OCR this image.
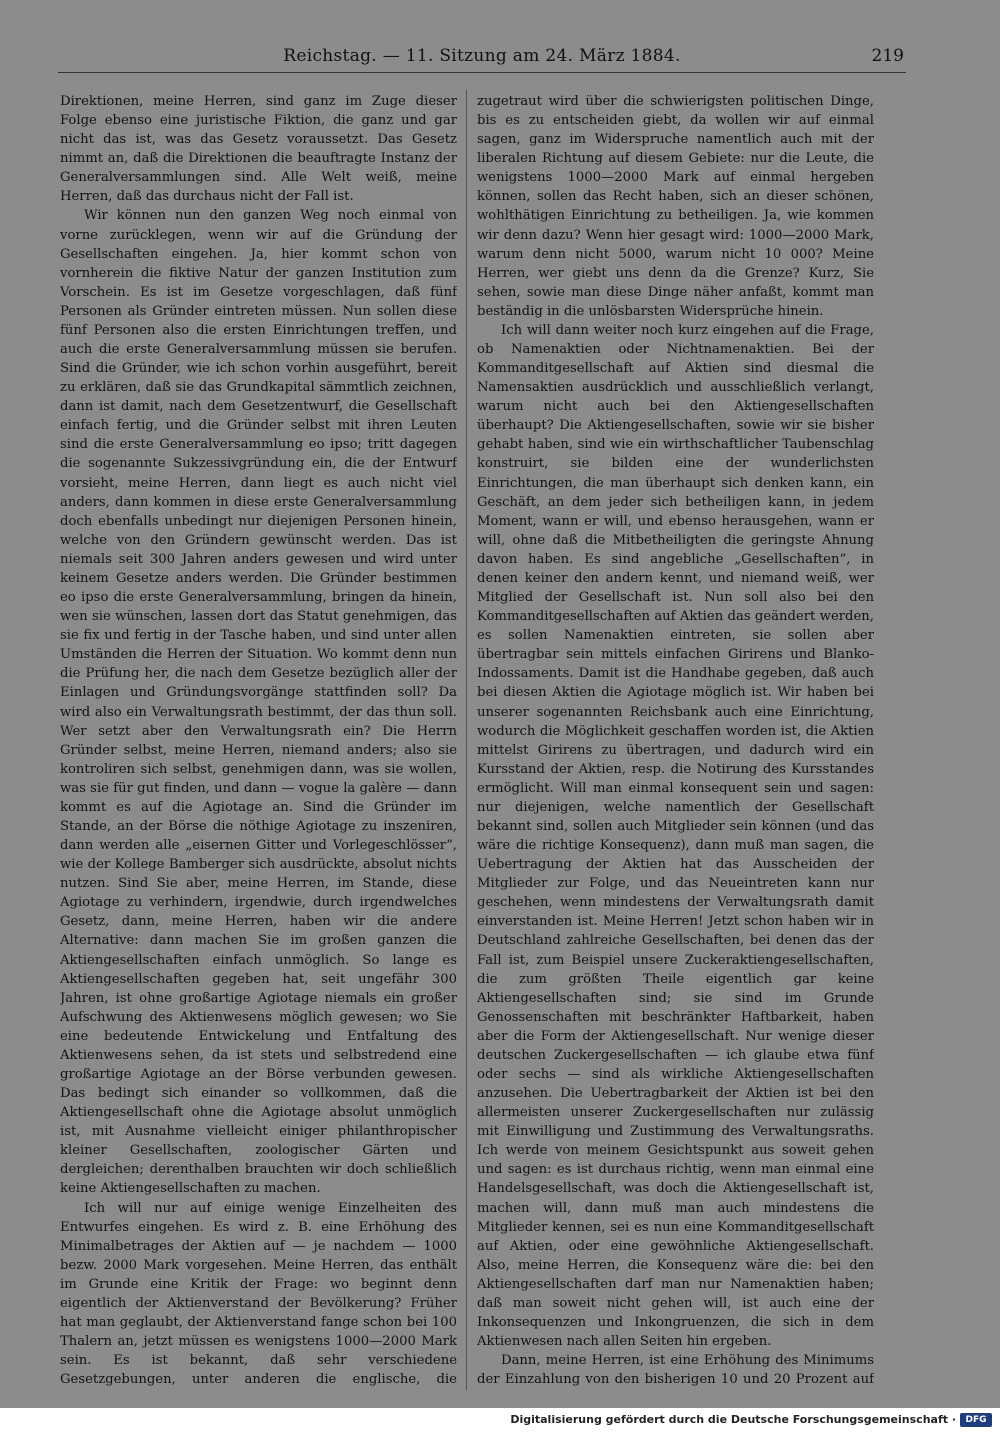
Reichstag. — 11. Sitzung am 24. März 1884.	219

Direktionen, meine Herren, sind ganz im Zuge dieser Folge ebenso eine juristische Fiktion, die ganz und gar nicht das ist, was das Gesetz voraussetzt. Das Gesetz nimmt an, daß die Direktionen die beauftragte Instanz der Generalversammlungen sind. Alle Welt weiß, meine Herren, daß das durchaus nicht der Fall ist.

Wir können nun den ganzen Weg noch einmal von vorne zurücklegen, wenn wir auf die Gründung der Gesellschaften eingehen. Ja, hier kommt schon von vornherein die fiktive Natur der ganzen Institution zum Vorschein. Es ist im Gesetze vorgeschlagen, daß fünf Personen als Gründer eintreten müssen. Nun sollen diese fünf Personen also die ersten Einrichtungen treffen, und auch die erste Generalversammlung müssen sie berufen. Sind die Gründer, wie ich schon vorhin ausgeführt, bereit zu erklären, daß sie das Grundkapital sämmtlich zeichnen, dann ist damit, nach dem Gesetzentwurf, die Gesellschaft einfach fertig, und die Gründer selbst mit ihren Leuten sind die erste Generalversammlung eo ipso; tritt dagegen die sogenannte Sukzessivgründung ein, die der Entwurf vorsieht, meine Herren, dann liegt es auch nicht viel anders, dann kommen in diese erste Generalversammlung doch ebenfalls unbedingt nur diejenigen Personen hinein, welche von den Gründern gewünscht werden. Das ist niemals seit 300 Jahren anders gewesen und wird unter keinem Gesetze anders werden. Die Gründer bestimmen eo ipso die erste Generalversammlung, bringen da hinein, wen sie wünschen, lassen dort das Statut genehmigen, das sie fix und fertig in der Tasche haben, und sind unter allen Umständen die Herren der Situation. Wo kommt denn nun die Prüfung her, die nach dem Gesetze bezüglich aller der Einlagen und Gründungsvorgänge stattfinden soll? Da wird also ein Verwaltungsrath bestimmt, der das thun soll. Wer setzt aber den Verwaltungsrath ein? Die Herrn Gründer selbst, meine Herren, niemand anders; also sie kontroliren sich selbst, genehmigen dann, was sie wollen, was sie für gut finden, und dann — vogue la galère — dann kommt es auf die Agiotage an. Sind die Gründer im Stande, an der Börse die nöthige Agiotage zu inszeniren, dann werden alle „eisernen Gitter und Vorlegeschlösser“, wie der Kollege Bamberger sich ausdrückte, absolut nichts nutzen. Sind Sie aber, meine Herren, im Stande, diese Agiotage zu verhindern, irgendwie, durch irgendwelches Gesetz, dann, meine Herren, haben wir die andere Alternative: dann machen Sie im großen ganzen die Aktiengesellschaften einfach unmöglich. So lange es Aktiengesellschaften gegeben hat, seit ungefähr 300 Jahren, ist ohne großartige Agiotage niemals ein großer Aufschwung des Aktienwesens möglich gewesen; wo Sie eine bedeutende Entwickelung und Entfaltung des Aktienwesens sehen, da ist stets und selbstredend eine großartige Agiotage an der Börse verbunden gewesen. Das bedingt sich einander so vollkommen, daß die Aktiengesellschaft ohne die Agiotage absolut unmöglich ist, mit Ausnahme vielleicht einiger philanthropischer kleiner Gesellschaften, zoologischer Gärten und dergleichen; derenthalben brauchten wir doch schließlich keine Aktiengesellschaften zu machen.

Ich will nur auf einige wenige Einzelheiten des Entwurfes eingehen. Es wird z. B. eine Erhöhung des Minimalbetrages der Aktien auf — je nachdem — 1000 bezw. 2000 Mark vorgesehen. Meine Herren, das enthält im Grunde eine Kritik der Frage: wo beginnt denn eigentlich der Aktienverstand der Bevölkerung? Früher hat man geglaubt, der Aktienverstand fange schon bei 100 Thalern an, jetzt müssen es wenigstens 1000—2000 Mark sein. Es ist bekannt, daß sehr verschiedene Gesetzgebungen, unter anderen die englische, die

zugetraut wird über die schwierigsten politischen Dinge, bis es zu entscheiden giebt, da wollen wir auf einmal sagen, ganz im Widerspruche namentlich auch mit der liberalen Richtung auf diesem Gebiete: nur die Leute, die wenigstens 1000—2000 Mark auf einmal hergeben können, sollen das Recht haben, sich an dieser schönen, wohlthätigen Einrichtung zu betheiligen. Ja, wie kommen wir denn dazu? Wenn hier gesagt wird: 1000—2000 Mark, warum denn nicht 5000, warum nicht 10 000? Meine Herren, wer giebt uns denn da die Grenze? Kurz, Sie sehen, sowie man diese Dinge näher anfaßt, kommt man beständig in die unlösbarsten Widersprüche hinein.

Ich will dann weiter noch kurz eingehen auf die Frage, ob Namenaktien oder Nichtnamenaktien. Bei der Kommanditgesellschaft auf Aktien sind diesmal die Namensaktien ausdrücklich und ausschließlich verlangt, warum nicht auch bei den Aktiengesellschaften überhaupt? Die Aktiengesellschaften, sowie wir sie bisher gehabt haben, sind wie ein wirthschaftlicher Taubenschlag konstruirt, sie bilden eine der wunderlichsten Einrichtungen, die man überhaupt sich denken kann, ein Geschäft, an dem jeder sich betheiligen kann, in jedem Moment, wann er will, und ebenso herausgehen, wann er will, ohne daß die Mitbetheiligten die geringste Ahnung davon haben. Es sind angebliche „Gesellschaften“, in denen keiner den andern kennt, und niemand weiß, wer Mitglied der Gesellschaft ist. Nun soll also bei den Kommanditgesellschaften auf Aktien das geändert werden, es sollen Namenaktien eintreten, sie sollen aber übertragbar sein mittels einfachen Girirens und Blanko-Indossaments. Damit ist die Handhabe gegeben, daß auch bei diesen Aktien die Agiotage möglich ist. Wir haben bei unserer sogenannten Reichsbank auch eine Einrichtung, wodurch die Möglichkeit geschaffen worden ist, die Aktien mittelst Girirens zu übertragen, und dadurch wird ein Kursstand der Aktien, resp. die Notirung des Kursstandes ermöglicht. Will man einmal konsequent sein und sagen: nur diejenigen, welche namentlich der Gesellschaft bekannt sind, sollen auch Mitglieder sein können (und das wäre die richtige Konsequenz), dann muß man sagen, die Uebertragung der Aktien hat das Ausscheiden der Mitglieder zur Folge, und das Neueintreten kann nur geschehen, wenn mindestens der Verwaltungsrath damit einverstanden ist. Meine Herren! Jetzt schon haben wir in Deutschland zahlreiche Gesellschaften, bei denen das der Fall ist, zum Beispiel unsere Zuckeraktiengesellschaften, die zum größten Theile eigentlich gar keine Aktiengesellschaften sind; sie sind im Grunde Genossenschaften mit beschränkter Haftbarkeit, haben aber die Form der Aktiengesellschaft. Nur wenige dieser deutschen Zuckergesellschaften — ich glaube etwa fünf oder sechs — sind als wirkliche Aktiengesellschaften anzusehen. Die Uebertragbarkeit der Aktien ist bei den allermeisten unserer Zuckergesellschaften nur zulässig mit Einwilligung und Zustimmung des Verwaltungsraths. Ich werde von meinem Gesichtspunkt aus soweit gehen und sagen: es ist durchaus richtig, wenn man einmal eine Handelsgesellschaft, was doch die Aktiengesellschaft ist, machen will, dann muß man auch mindestens die Mitglieder kennen, sei es nun eine Kommanditgesellschaft auf Aktien, oder eine gewöhnliche Aktiengesellschaft. Also, meine Herren, die Konsequenz wäre die: bei den Aktiengesellschaften darf man nur Namenaktien haben; daß man soweit nicht gehen will, ist auch eine der Inkonsequenzen und Inkongruenzen, die sich in dem Aktienwesen nach allen Seiten hin ergeben.

Dann, meine Herren, ist eine Erhöhung des Minimums der Einzahlung von den bisherigen 10 und 20 Prozent auf

Digitalisierung gefördert durch die Deutsche Forschungsgemeinschaft ·	DFG
